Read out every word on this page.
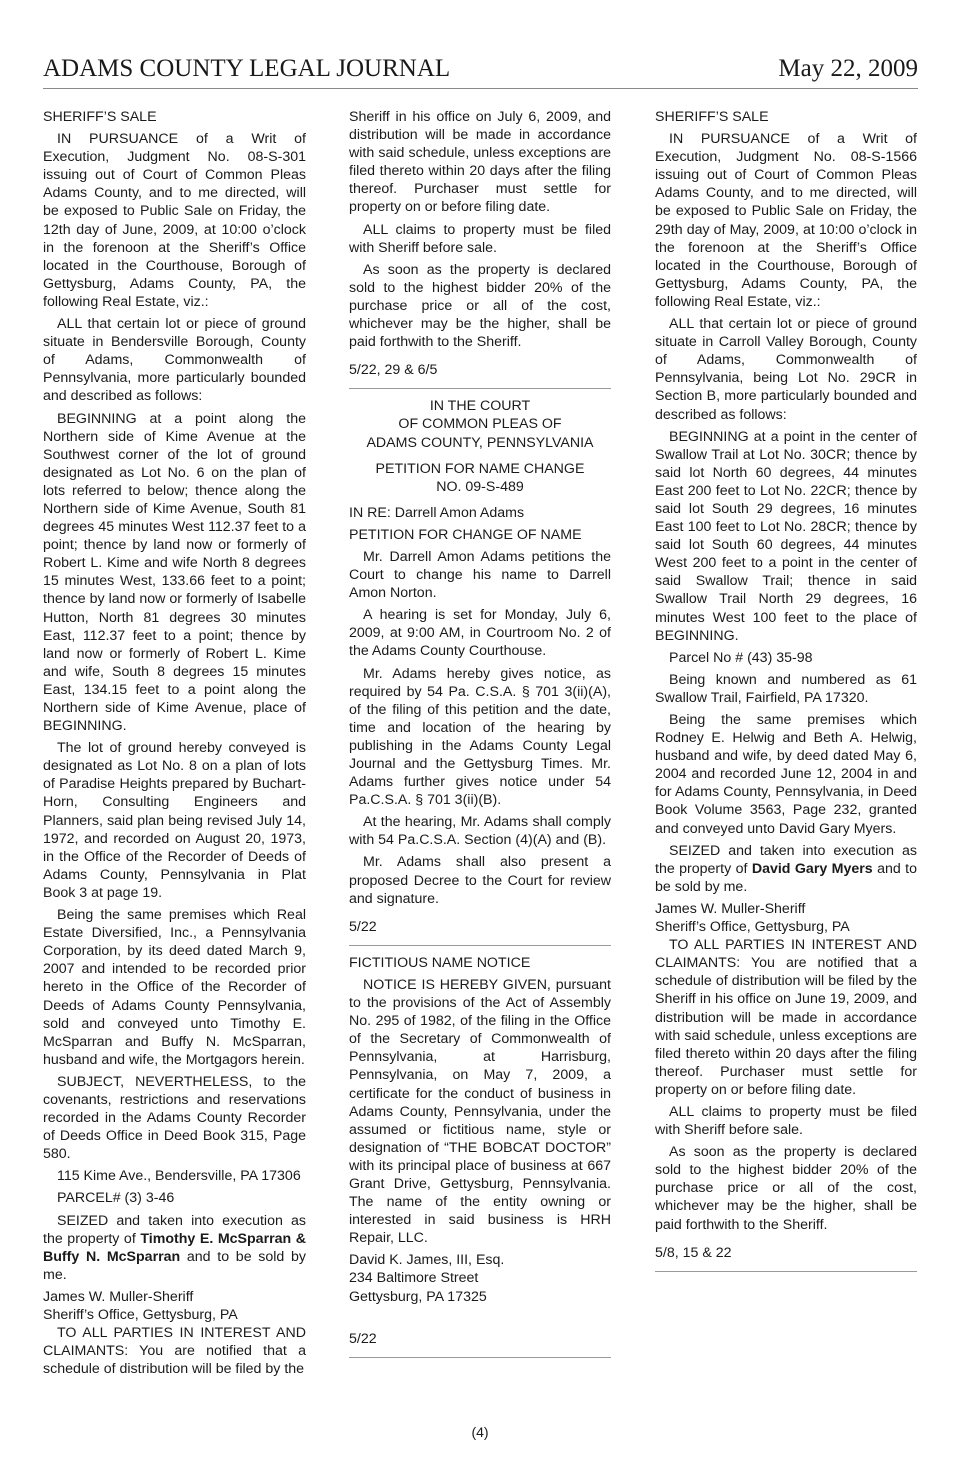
ADAMS COUNTY LEGAL JOURNAL	May 22, 2009

SHERIFF’S SALE

IN PURSUANCE of a Writ of Execution, Judgment No. 08-S-301 issuing out of Court of Common Pleas Adams County, and to me directed, will be exposed to Public Sale on Friday, the 12th day of June, 2009, at 10:00 o’clock in the forenoon at the Sheriff’s Office located in the Courthouse, Borough of Gettysburg, Adams County, PA, the following Real Estate, viz.:

ALL that certain lot or piece of ground situate in Bendersville Borough, County of Adams, Commonwealth of Pennsylvania, more particularly bounded and described as follows:

BEGINNING at a point along the Northern side of Kime Avenue at the Southwest corner of the lot of ground designated as Lot No. 6 on the plan of lots referred to below; thence along the Northern side of Kime Avenue, South 81 degrees 45 minutes West 112.37 feet to a point; thence by land now or formerly of Robert L. Kime and wife North 8 degrees 15 minutes West, 133.66 feet to a point; thence by land now or formerly of Isabelle Hutton, North 81 degrees 30 minutes East, 112.37 feet to a point; thence by land now or formerly of Robert L. Kime and wife, South 8 degrees 15 minutes East, 134.15 feet to a point along the Northern side of Kime Avenue, place of BEGINNING.

The lot of ground hereby conveyed is designated as Lot No. 8 on a plan of lots of Paradise Heights prepared by Buchart-Horn, Consulting Engineers and Planners, said plan being revised July 14, 1972, and recorded on August 20, 1973, in the Office of the Recorder of Deeds of Adams County, Pennsylvania in Plat Book 3 at page 19.

Being the same premises which Real Estate Diversified, Inc., a Pennsylvania Corporation, by its deed dated March 9, 2007 and intended to be recorded prior hereto in the Office of the Recorder of Deeds of Adams County Pennsylvania, sold and conveyed unto Timothy E. McSparran and Buffy N. McSparran, husband and wife, the Mortgagors herein.

SUBJECT, NEVERTHELESS, to the covenants, restrictions and reservations recorded in the Adams County Recorder of Deeds Office in Deed Book 315, Page 580.

115 Kime Ave., Bendersville, PA 17306

PARCEL# (3) 3-46

SEIZED and taken into execution as the property of Timothy E. McSparran & Buffy N. McSparran and to be sold by me.

James W. Muller-Sheriff

Sheriff’s Office, Gettysburg, PA

TO ALL PARTIES IN INTEREST AND CLAIMANTS: You are notified that a schedule of distribution will be filed by the

Sheriff in his office on July 6, 2009, and distribution will be made in accordance with said schedule, unless exceptions are filed thereto within 20 days after the filing thereof. Purchaser must settle for property on or before filing date.

ALL claims to property must be filed with Sheriff before sale.

As soon as the property is declared sold to the highest bidder 20% of the purchase price or all of the cost, whichever may be the higher, shall be paid forthwith to the Sheriff.

5/22, 29 & 6/5

IN THE COURT
OF COMMON PLEAS OF
ADAMS COUNTY, PENNSYLVANIA
PETITION FOR NAME CHANGE
NO. 09-S-489

IN RE: Darrell Amon Adams

PETITION FOR CHANGE OF NAME

Mr. Darrell Amon Adams petitions the Court to change his name to Darrell Amon Norton.

A hearing is set for Monday, July 6, 2009, at 9:00 AM, in Courtroom No. 2 of the Adams County Courthouse.

Mr. Adams hereby gives notice, as required by 54 Pa. C.S.A. § 701 3(ii)(A), of the filing of this petition and the date, time and location of the hearing by publishing in the Adams County Legal Journal and the Gettysburg Times. Mr. Adams further gives notice under 54 Pa.C.S.A. § 701 3(ii)(B).

At the hearing, Mr. Adams shall comply with 54 Pa.C.S.A. Section (4)(A) and (B).

Mr. Adams shall also present a proposed Decree to the Court for review and signature.

5/22

FICTITIOUS NAME NOTICE

NOTICE IS HEREBY GIVEN, pursuant to the provisions of the Act of Assembly No. 295 of 1982, of the filing in the Office of the Secretary of Commonwealth of Pennsylvania, at Harrisburg, Pennsylvania, on May 7, 2009, a certificate for the conduct of business in Adams County, Pennsylvania, under the assumed or fictitious name, style or designation of “THE BOBCAT DOCTOR” with its principal place of business at 667 Grant Drive, Gettysburg, Pennsylvania. The name of the entity owning or interested in said business is HRH Repair, LLC.

David K. James, III, Esq.

234 Baltimore Street

Gettysburg, PA 17325

5/22

SHERIFF’S SALE

IN PURSUANCE of a Writ of Execution, Judgment No. 08-S-1566 issuing out of Court of Common Pleas Adams County, and to me directed, will be exposed to Public Sale on Friday, the 29th day of May, 2009, at 10:00 o’clock in the forenoon at the Sheriff’s Office located in the Courthouse, Borough of Gettysburg, Adams County, PA, the following Real Estate, viz.:

ALL that certain lot or piece of ground situate in Carroll Valley Borough, County of Adams, Commonwealth of Pennsylvania, being Lot No. 29CR in Section B, more particularly bounded and described as follows:

BEGINNING at a point in the center of Swallow Trail at Lot No. 30CR; thence by said lot North 60 degrees, 44 minutes East 200 feet to Lot No. 22CR; thence by said lot South 29 degrees, 16 minutes East 100 feet to Lot No. 28CR; thence by said lot South 60 degrees, 44 minutes West 200 feet to a point in the center of said Swallow Trail; thence in said Swallow Trail North 29 degrees, 16 minutes West 100 feet to the place of BEGINNING.

Parcel No # (43) 35-98

Being known and numbered as 61 Swallow Trail, Fairfield, PA 17320.

Being the same premises which Rodney E. Helwig and Beth A. Helwig, husband and wife, by deed dated May 6, 2004 and recorded June 12, 2004 in and for Adams County, Pennsylvania, in Deed Book Volume 3563, Page 232, granted and conveyed unto David Gary Myers.

SEIZED and taken into execution as the property of David Gary Myers and to be sold by me.

James W. Muller-Sheriff

Sheriff’s Office, Gettysburg, PA

TO ALL PARTIES IN INTEREST AND CLAIMANTS: You are notified that a schedule of distribution will be filed by the Sheriff in his office on June 19, 2009, and distribution will be made in accordance with said schedule, unless exceptions are filed thereto within 20 days after the filing thereof. Purchaser must settle for property on or before filing date.

ALL claims to property must be filed with Sheriff before sale.

As soon as the property is declared sold to the highest bidder 20% of the purchase price or all of the cost, whichever may be the higher, shall be paid forthwith to the Sheriff.

5/8, 15 & 22

(4)
